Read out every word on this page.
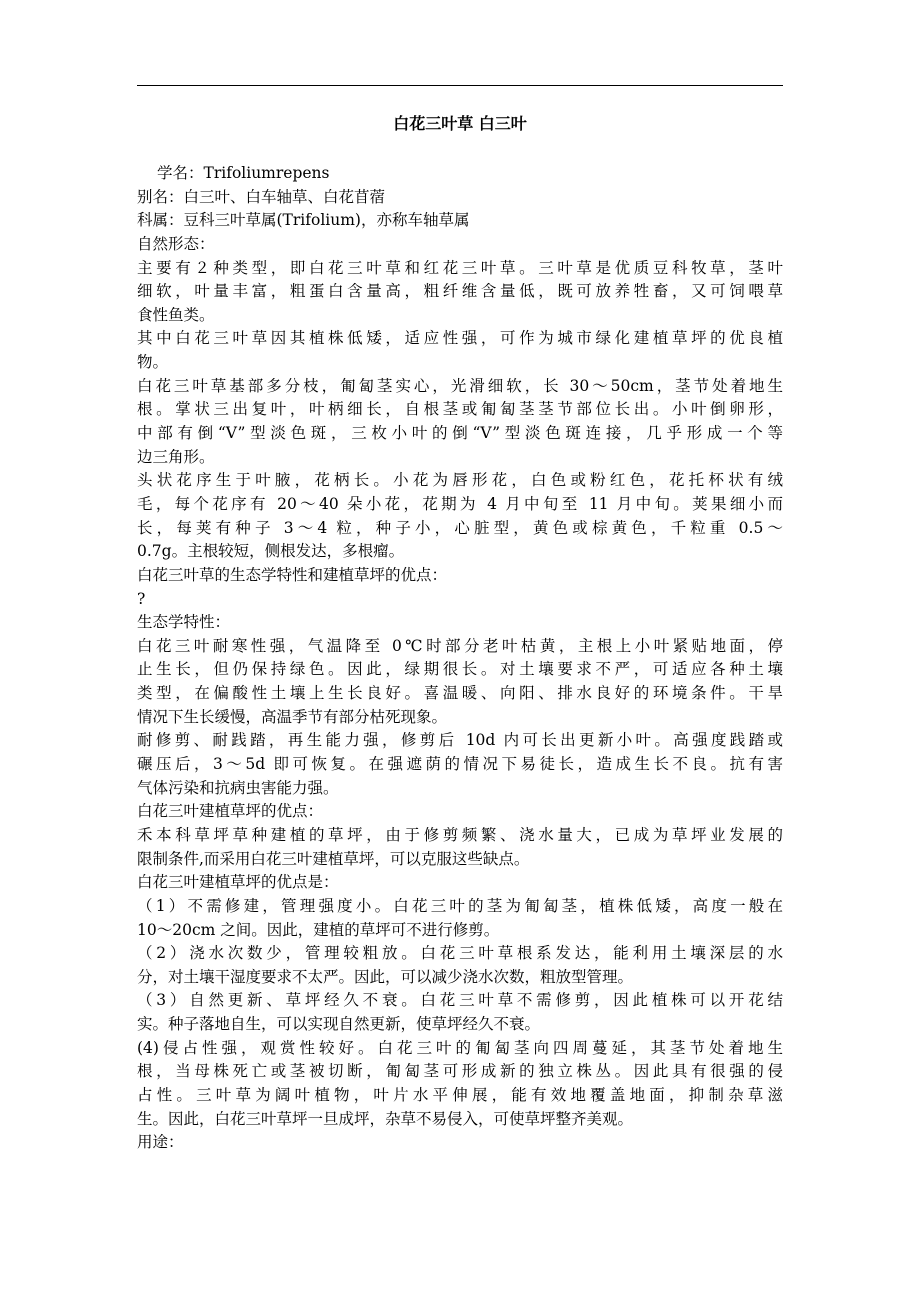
白花三叶草 白三叶
学名：Trifoliumrepens
别名：白三叶、白车轴草、白花苜蓿
科属：豆科三叶草属(Trifolium)，亦称车轴草属
自然形态：
主要有２种类型，即白花三叶草和红花三叶草。三叶草是优质豆科牧草，茎叶
细软，叶量丰富，粗蛋白含量高，粗纤维含量低，既可放养牲畜，又可饲喂草
食性鱼类。
其中白花三叶草因其植株低矮，适应性强，可作为城市绿化建植草坪的优良植
物。
白花三叶草基部多分枝，匍匐茎实心，光滑细软，长 30～50cm，茎节处着地生
根。掌状三出复叶，叶柄细长，自根茎或匍匐茎茎节部位长出。小叶倒卵形，
中部有倒“V”型淡色斑，三枚小叶的倒“V”型淡色斑连接，几乎形成一个等
边三角形。
头状花序生于叶腋，花柄长。小花为唇形花，白色或粉红色，花托杯状有绒
毛，每个花序有 20～40 朵小花，花期为 4 月中旬至 11 月中旬。荚果细小而
长，每荚有种子 3～4 粒，种子小，心脏型，黄色或棕黄色，千粒重 0.5～
0.7g。主根较短，侧根发达，多根瘤。
白花三叶草的生态学特性和建植草坪的优点：
?
生态学特性：
白花三叶耐寒性强，气温降至 0℃时部分老叶枯黄，主根上小叶紧贴地面，停
止生长，但仍保持绿色。因此，绿期很长。对土壤要求不严，可适应各种土壤
类型，在偏酸性土壤上生长良好。喜温暖、向阳、排水良好的环境条件。干旱
情况下生长缓慢，高温季节有部分枯死现象。
耐修剪、耐践踏，再生能力强，修剪后 10d 内可长出更新小叶。高强度践踏或
碾压后，3～5d 即可恢复。在强遮荫的情况下易徒长，造成生长不良。抗有害
气体污染和抗病虫害能力强。
白花三叶建植草坪的优点：
禾本科草坪草种建植的草坪，由于修剪频繁、浇水量大，已成为草坪业发展的
限制条件,而采用白花三叶建植草坪，可以克服这些缺点。
白花三叶建植草坪的优点是：
（1）不需修建，管理强度小。白花三叶的茎为匍匐茎，植株低矮，高度一般在
10～20cm 之间。因此，建植的草坪可不进行修剪。
（2）浇水次数少，管理较粗放。白花三叶草根系发达，能利用土壤深层的水
分，对土壤干湿度要求不太严。因此，可以减少浇水次数，粗放型管理。
（3）自然更新、草坪经久不衰。白花三叶草不需修剪，因此植株可以开花结
实。种子落地自生，可以实现自然更新，使草坪经久不衰。
(4)侵占性强，观赏性较好。白花三叶的匍匐茎向四周蔓延，其茎节处着地生
根，当母株死亡或茎被切断，匍匐茎可形成新的独立株丛。因此具有很强的侵
占性。三叶草为阔叶植物，叶片水平伸展，能有效地覆盖地面，抑制杂草滋
生。因此，白花三叶草坪一旦成坪，杂草不易侵入，可使草坪整齐美观。
用途：
